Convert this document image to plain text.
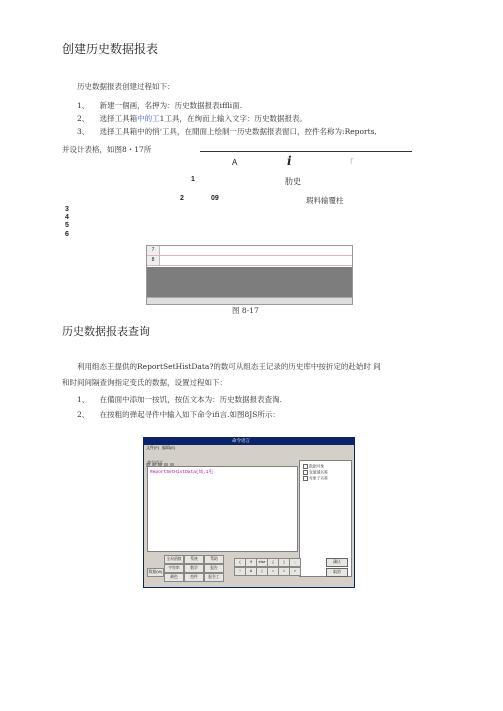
创建历史数据报表
历史数据报表创建过程如下：
1、 新建一個画，名押为：历史数据报表iffli面.
2、 选择工具箱中的工1工具，在绚而上输入文字：历史数据报表。
3、 选择工具箱中的悄‘工具，在閒面上绘制一历史数据报表窗口，控件名称为:Reports,
并设计表格，如图8・17所
A	i	「
1	肋史
2	09	瑕料输覆柱
3
4
5
6
7
8
图 8-17
历史数据报表查询
利用组态王提供的ReportSetHistData?的数可从组态王记录的历史库中按折定的赴始时 间
和时间间隔查询指定变氐的数据，设置过程如下：
1、 在備面中添加一按饥，按伍文本为：历史数据报表査淘.
2、 在按粗的弹起寻件中输入如下命令ifi言.如图8JS所示：
命令语言
文件(F) 编辑(E)
命令语言
ReportSetHistData(如,1屯
数据对象
变量域名称
对象子名称
数据(W)
全局函数	系统	帮助
字符串	数学	报告
颜色	控件	报告工
(	if	else	{	}	;
!	&	|	=	<	>
确认
取消
